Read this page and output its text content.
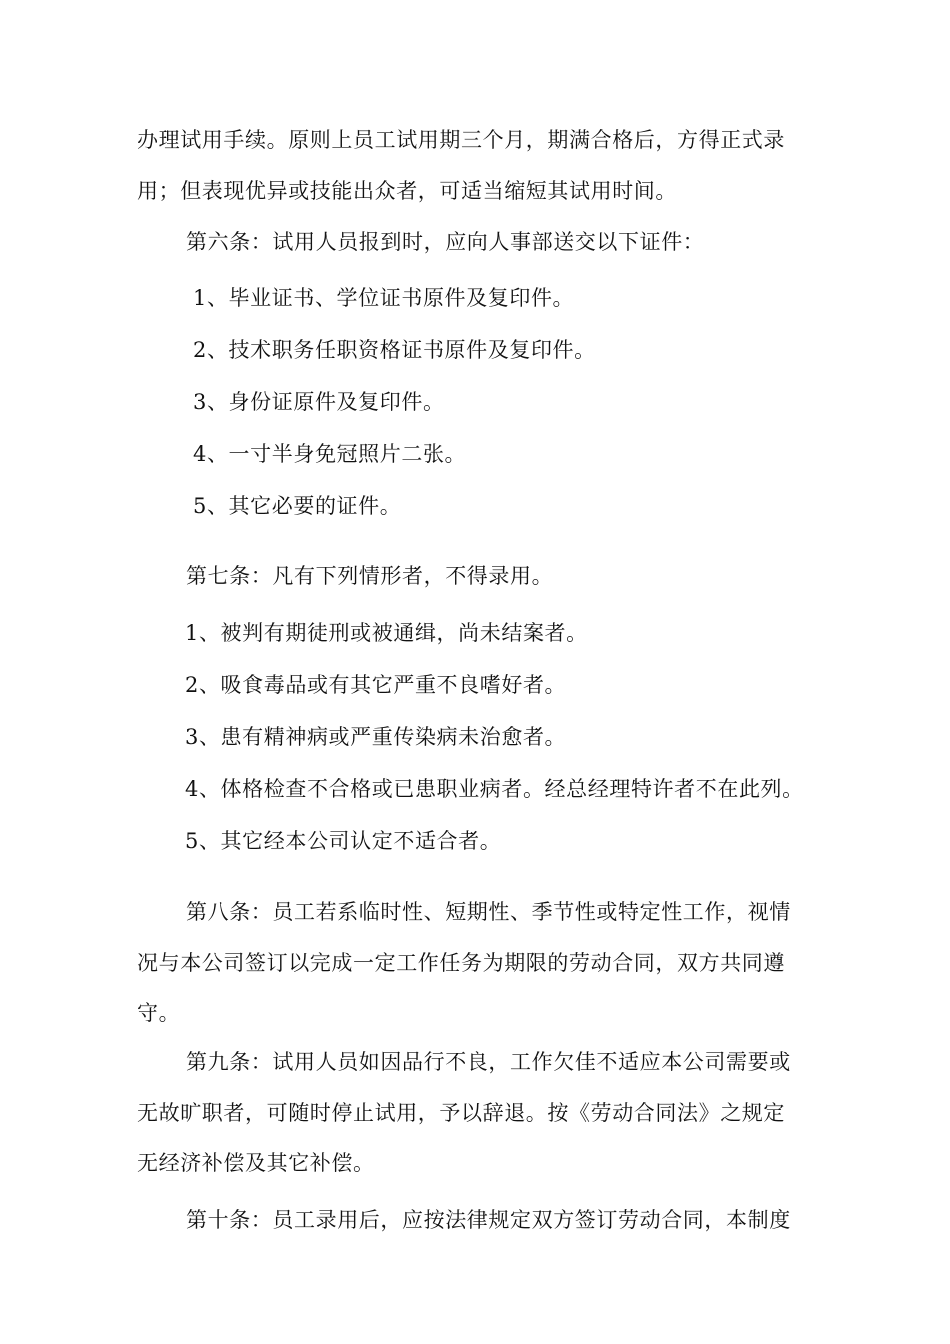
办理试用手续。原则上员工试用期三个月，期满合格后，方得正式录
用；但表现优异或技能出众者，可适当缩短其试用时间。
第六条：试用人员报到时，应向人事部送交以下证件：
1、毕业证书、学位证书原件及复印件。
2、技术职务任职资格证书原件及复印件。
3、身份证原件及复印件。
4、一寸半身免冠照片二张。
5、其它必要的证件。
第七条：凡有下列情形者，不得录用。
1、被判有期徒刑或被通缉，尚未结案者。
2、吸食毒品或有其它严重不良嗜好者。
3、患有精神病或严重传染病未治愈者。
4、体格检查不合格或已患职业病者。经总经理特许者不在此列。
5、其它经本公司认定不适合者。
第八条：员工若系临时性、短期性、季节性或特定性工作，视情
况与本公司签订以完成一定工作任务为期限的劳动合同，双方共同遵
守。
第九条：试用人员如因品行不良，工作欠佳不适应本公司需要或
无故旷职者，可随时停止试用，予以辞退。按《劳动合同法》之规定
无经济补偿及其它补偿。
第十条：员工录用后，应按法律规定双方签订劳动合同，本制度
